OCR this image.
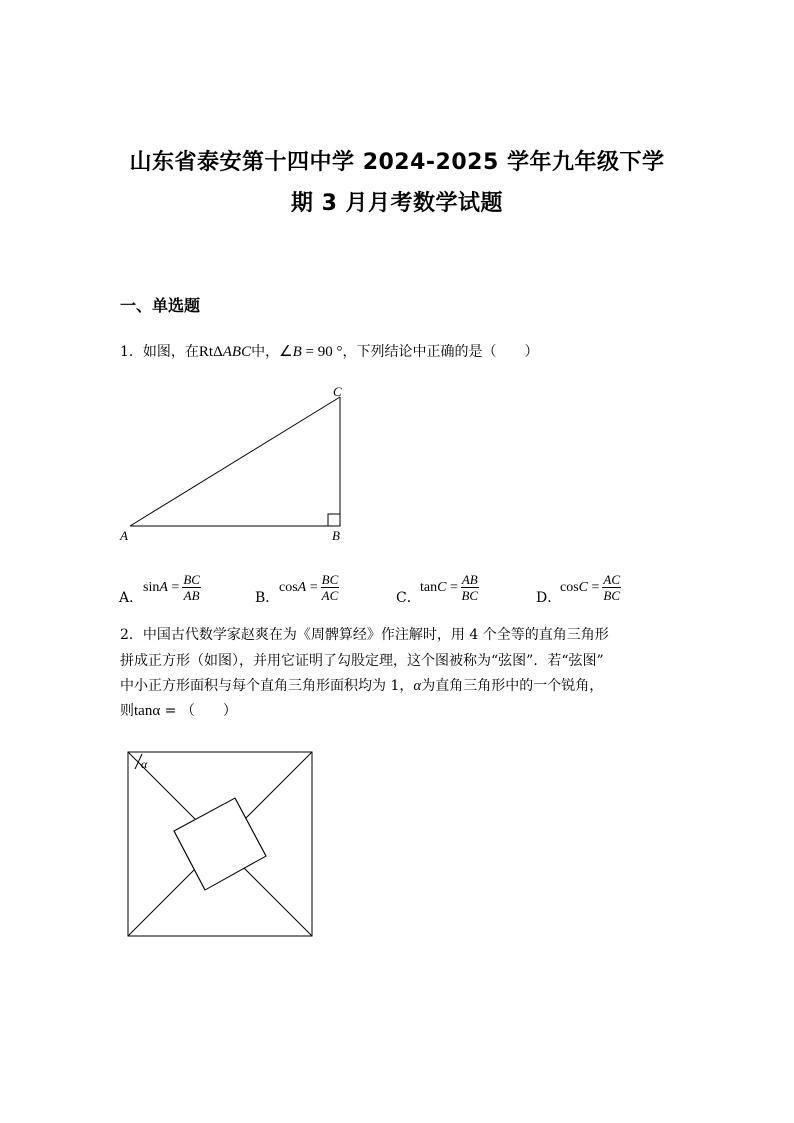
山东省泰安第十四中学 2024-2025 学年九年级下学
期 3 月月考数学试题
一、单选题
1．如图，在RtΔABC中，∠B = 90 °，下列结论中正确的是（　　）
A	B
C
A．
$\sin A = \frac{BC}{AB}$	B．
$\cos A = \frac{BC}{AC}$	C．
$\tan C = \frac{AB}{BC}$	D．
$\cos C = \frac{AC}{BC}$
2．中国古代数学家赵爽在为《周髀算经》作注解时，用 4 个全等的直角三角形
拼成正方形（如图），并用它证明了勾股定理，这个图被称为“弦图”．若“弦图”
中小正方形面积与每个直角三角形面积均为 1，α为直角三角形中的一个锐角，
则tanα = （　　）
α
